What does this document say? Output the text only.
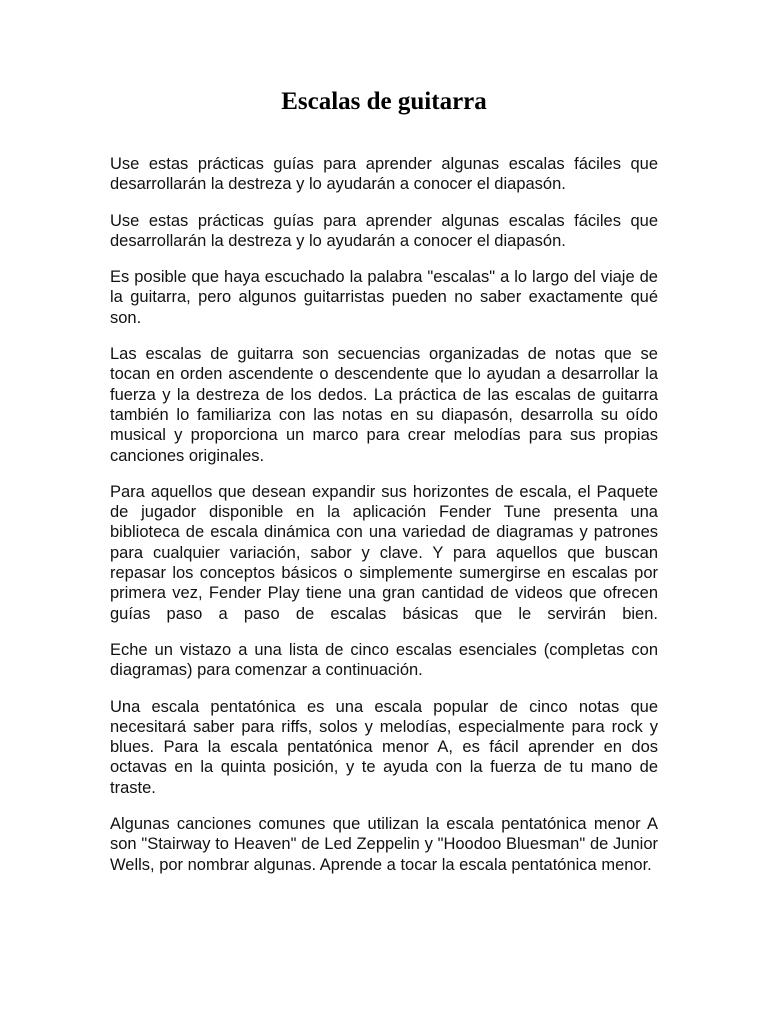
Escalas de guitarra

Use estas prácticas guías para aprender algunas escalas fáciles que desarrollarán la destreza y lo ayudarán a conocer el diapasón.

Use estas prácticas guías para aprender algunas escalas fáciles que desarrollarán la destreza y lo ayudarán a conocer el diapasón.

Es posible que haya escuchado la palabra "escalas" a lo largo del viaje de la guitarra, pero algunos guitarristas pueden no saber exactamente qué son.

Las escalas de guitarra son secuencias organizadas de notas que se tocan en orden ascendente o descendente que lo ayudan a desarrollar la fuerza y la destreza de los dedos. La práctica de las escalas de guitarra también lo familiariza con las notas en su diapasón, desarrolla su oído musical y proporciona un marco para crear melodías para sus propias canciones originales.

Para aquellos que desean expandir sus horizontes de escala, el Paquete de jugador disponible en la aplicación Fender Tune presenta una biblioteca de escala dinámica con una variedad de diagramas y patrones para cualquier variación, sabor y clave. Y para aquellos que buscan repasar los conceptos básicos o simplemente sumergirse en escalas por primera vez, Fender Play tiene una gran cantidad de videos que ofrecen guías paso a paso de escalas básicas que le servirán bien.

Eche un vistazo a una lista de cinco escalas esenciales (completas con diagramas) para comenzar a continuación.

Una escala pentatónica es una escala popular de cinco notas que necesitará saber para riffs, solos y melodías, especialmente para rock y blues. Para la escala pentatónica menor A, es fácil aprender en dos octavas en la quinta posición, y te ayuda con la fuerza de tu mano de traste.

Algunas canciones comunes que utilizan la escala pentatónica menor A son "Stairway to Heaven" de Led Zeppelin y "Hoodoo Bluesman" de Junior Wells, por nombrar algunas. Aprende a tocar la escala pentatónica menor.
